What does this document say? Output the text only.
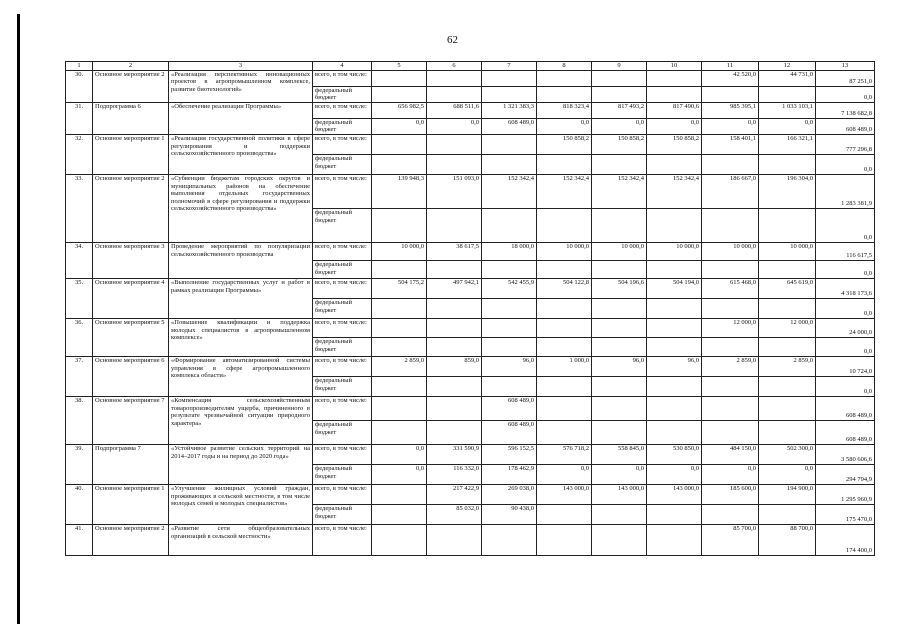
62
1	2	3	4	5	6	7	8	9	10	11	12	13
30.	Основное мероприятие 2	«Реализация перспективных инновационных проектов в агропромышленном комплексе, развитие биотехнологий»	всего, в том числе:							42 520,0	44 731,0	87 251,0
			федеральный бюджет									0,0
31.	Подпрограмма 6	«Обеспечение реализации Программы»	всего, в том числе:	656 982,5	688 511,6	1 321 383,3	818 323,4	817 493,2	817 490,6	985 395,1	1 033 103,1	7 138 682,8
			федеральный бюджет	0,0	0,0	608 489,0	0,0	0,0	0,0	0,0	0,0	608 489,0
32.	Основное мероприятие 1	«Реализация государственной политики в сфере регулирования и поддержки сельскохозяйственного производства»	всего, в том числе:				150 858,2	150 858,2	150 858,2	158 401,1	166 321,1	777 296,8
			федеральный бюджет									0,0
33.	Основное мероприятие 2	«Субвенции бюджетам городских округов и муниципальных районов на обеспечение выполнения отдельных государственных полномочий в сфере регулирования и поддержки сельскохозяйственного производства»	всего, в том числе:	139 948,3	151 093,0	152 342,4	152 342,4	152 342,4	152 342,4	186 667,0	196 304,0	1 283 381,9
			федеральный бюджет									0,0
34.	Основное мероприятие 3	Проведение мероприятий по популяризации сельскохозяйственного производства	всего, в том числе:	10 000,0	38 617,5	18 000,0	10 000,0	10 000,0	10 000,0	10 000,0	10 000,0	116 617,5
			федеральный бюджет									0,0
35.	Основное мероприятие 4	«Выполнение государственных услуг и работ в рамках реализации Программы»	всего, в том числе:	504 175,2	497 942,1	542 455,9	504 122,8	504 196,6	504 194,0	615 468,0	645 619,0	4 318 173,6
			федеральный бюджет									0,0
36.	Основное мероприятие 5	«Повышение квалификации и поддержка молодых специалистов в агропромышленном комплексе»	всего, в том числе:							12 000,0	12 000,0	24 000,0
			федеральный бюджет									0,0
37.	Основное мероприятие 6	«Формирование автоматизированной системы управления в сфере агропромышленного комплекса области»	всего, в том числе:	2 859,0	859,0	96,0	1 000,0	96,0	96,0	2 859,0	2 859,0	10 724,0
			федеральный бюджет									0,0
38.	Основное мероприятие 7	«Компенсация сельскохозяйственным товаропроизводителям ущерба, причиненного в результате чрезвычайной ситуации природного характера»	всего, в том числе:			608 489,0						608 489,0
			федеральный бюджет			608 489,0						608 489,0
39.	Подпрограмма 7	«Устойчивое развитие сельских территорий на 2014–2017 годы и на период до 2020 года»	всего, в том числе:	0,0	331 590,9	596 152,5	576 718,2	558 845,0	530 850,0	484 150,0	502 300,0	3 580 606,6
			федеральный бюджет	0,0	116 332,0	178 462,9	0,0	0,0	0,0	0,0	0,0	294 794,9
40.	Основное мероприятие 1	«Улучшение жилищных условий граждан, проживающих в сельской местности, в том числе молодых семей и молодых специалистов»	всего, в том числе:		217 422,9	269 038,0	143 000,0	143 000,0	143 000,0	185 600,0	194 900,0	1 295 960,9
			федеральный бюджет		85 032,0	90 438,0						175 470,0
41.	Основное мероприятие 2	«Развитие сети общеобразовательных организаций в сельской местности»	всего, в том числе:							85 700,0	88 700,0	174 400,0
